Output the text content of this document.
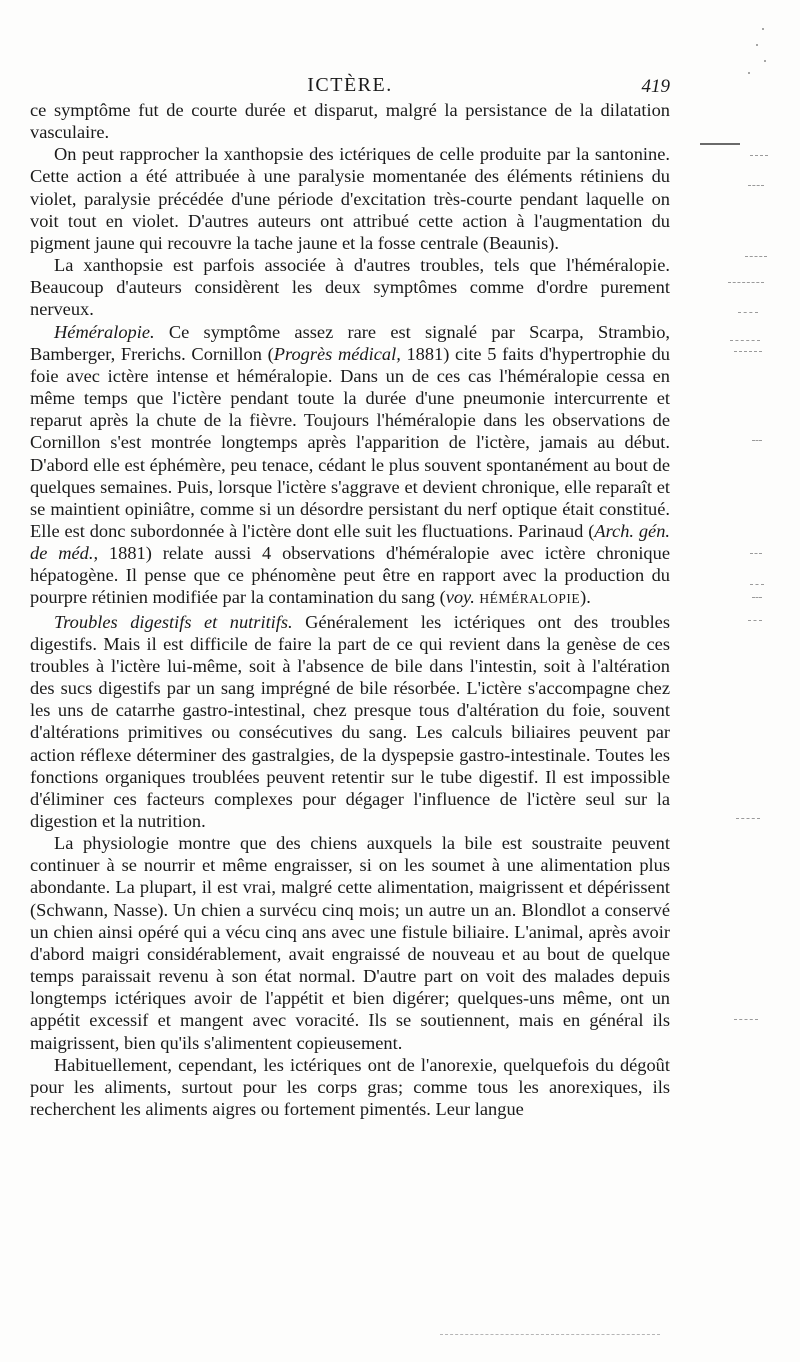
ICTÈRE.	419

ce symptôme fut de courte durée et disparut, malgré la persistance de la dilatation vasculaire.

On peut rapprocher la xanthopsie des ictériques de celle produite par la santonine. Cette action a été attribuée à une paralysie momentanée des éléments rétiniens du violet, paralysie précédée d'une période d'excitation très-courte pendant laquelle on voit tout en violet. D'autres auteurs ont attribué cette action à l'augmentation du pigment jaune qui recouvre la tache jaune et la fosse centrale (Beaunis).

La xanthopsie est parfois associée à d'autres troubles, tels que l'héméralopie. Beaucoup d'auteurs considèrent les deux symptômes comme d'ordre purement nerveux.

Héméralopie. Ce symptôme assez rare est signalé par Scarpa, Strambio, Bamberger, Frerichs. Cornillon (Progrès médical, 1881) cite 5 faits d'hypertrophie du foie avec ictère intense et héméralopie. Dans un de ces cas l'héméralopie cessa en même temps que l'ictère pendant toute la durée d'une pneumonie intercurrente et reparut après la chute de la fièvre. Toujours l'héméralopie dans les observations de Cornillon s'est montrée longtemps après l'apparition de l'ictère, jamais au début. D'abord elle est éphémère, peu tenace, cédant le plus souvent spontanément au bout de quelques semaines. Puis, lorsque l'ictère s'aggrave et devient chronique, elle reparaît et se maintient opiniâtre, comme si un désordre persistant du nerf optique était constitué. Elle est donc subordonnée à l'ictère dont elle suit les fluctuations. Parinaud (Arch. gén. de méd., 1881) relate aussi 4 observations d'héméralopie avec ictère chronique hépatogène. Il pense que ce phénomène peut être en rapport avec la production du pourpre rétinien modifiée par la contamination du sang (voy. HÉMÉRALOPIE).

Troubles digestifs et nutritifs. Généralement les ictériques ont des troubles digestifs. Mais il est difficile de faire la part de ce qui revient dans la genèse de ces troubles à l'ictère lui-même, soit à l'absence de bile dans l'intestin, soit à l'altération des sucs digestifs par un sang imprégné de bile résorbée. L'ictère s'accompagne chez les uns de catarrhe gastro-intestinal, chez presque tous d'altération du foie, souvent d'altérations primitives ou consécutives du sang. Les calculs biliaires peuvent par action réflexe déterminer des gastralgies, de la dyspepsie gastro-intestinale. Toutes les fonctions organiques troublées peuvent retentir sur le tube digestif. Il est impossible d'éliminer ces facteurs complexes pour dégager l'influence de l'ictère seul sur la digestion et la nutrition.

La physiologie montre que des chiens auxquels la bile est soustraite peuvent continuer à se nourrir et même engraisser, si on les soumet à une alimentation plus abondante. La plupart, il est vrai, malgré cette alimentation, maigrissent et dépérissent (Schwann, Nasse). Un chien a survécu cinq mois; un autre un an. Blondlot a conservé un chien ainsi opéré qui a vécu cinq ans avec une fistule biliaire. L'animal, après avoir d'abord maigri considérablement, avait engraissé de nouveau et au bout de quelque temps paraissait revenu à son état normal. D'autre part on voit des malades depuis longtemps ictériques avoir de l'appétit et bien digérer; quelques-uns même, ont un appétit excessif et mangent avec voracité. Ils se soutiennent, mais en général ils maigrissent, bien qu'ils s'alimentent copieusement.

Habituellement, cependant, les ictériques ont de l'anorexie, quelquefois du dégoût pour les aliments, surtout pour les corps gras; comme tous les anorexiques, ils recherchent les aliments aigres ou fortement pimentés. Leur langue
